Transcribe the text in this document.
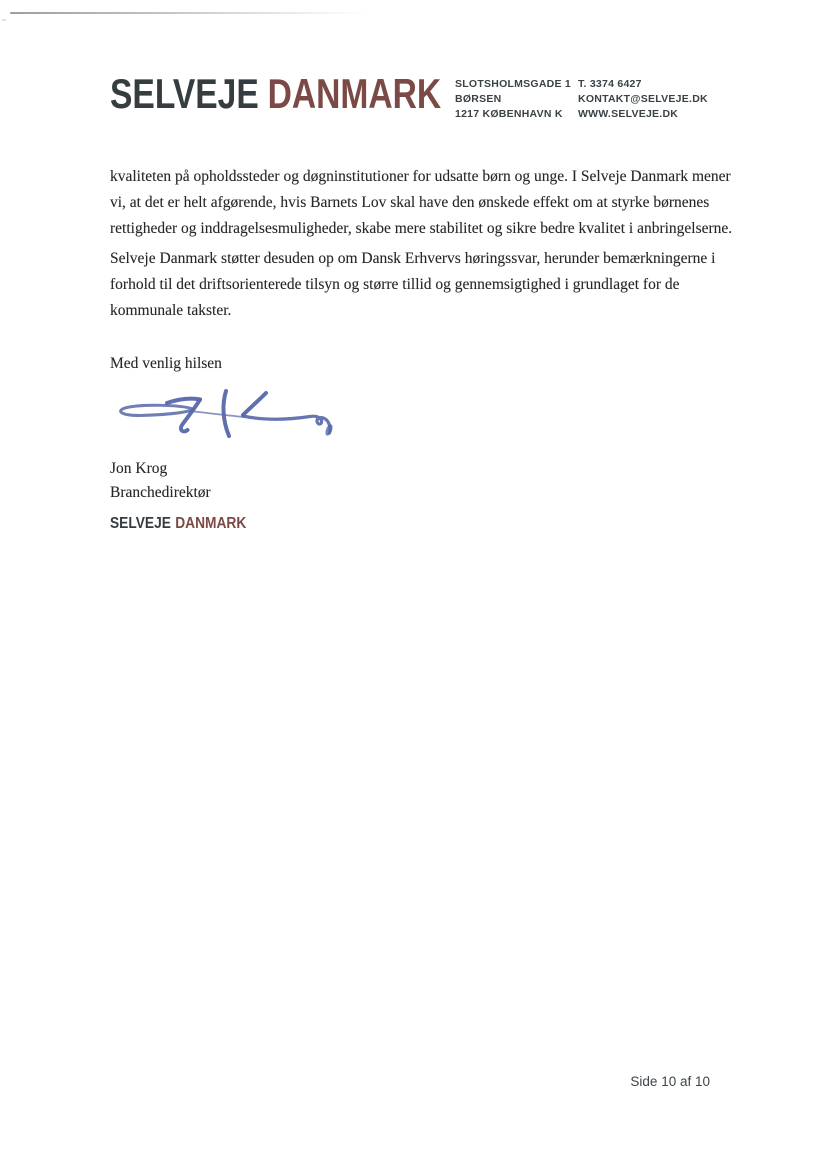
SELVEJE DANMARK SLOTSHOLMSGADE 1
BØRSEN
1217 KØBENHAVN K
T. 3374 6427
KONTAKT@SELVEJE.DK
WWW.SELVEJE.DK
kvaliteten på opholdssteder og døgninstitutioner for udsatte børn og unge. I Selveje Danmark mener
vi, at det er helt afgørende, hvis Barnets Lov skal have den ønskede effekt om at styrke børnenes
rettigheder og inddragelsesmuligheder, skabe mere stabilitet og sikre bedre kvalitet i anbringelserne.
Selveje Danmark støtter desuden op om Dansk Erhvervs høringssvar, herunder bemærkningerne i
forhold til det driftsorienterede tilsyn og større tillid og gennemsigtighed i grundlaget for de
kommunale takster.
Med venlig hilsen
Jon Krog
Branchedirektør
SELVEJE DANMARK
Side 10 af 10
